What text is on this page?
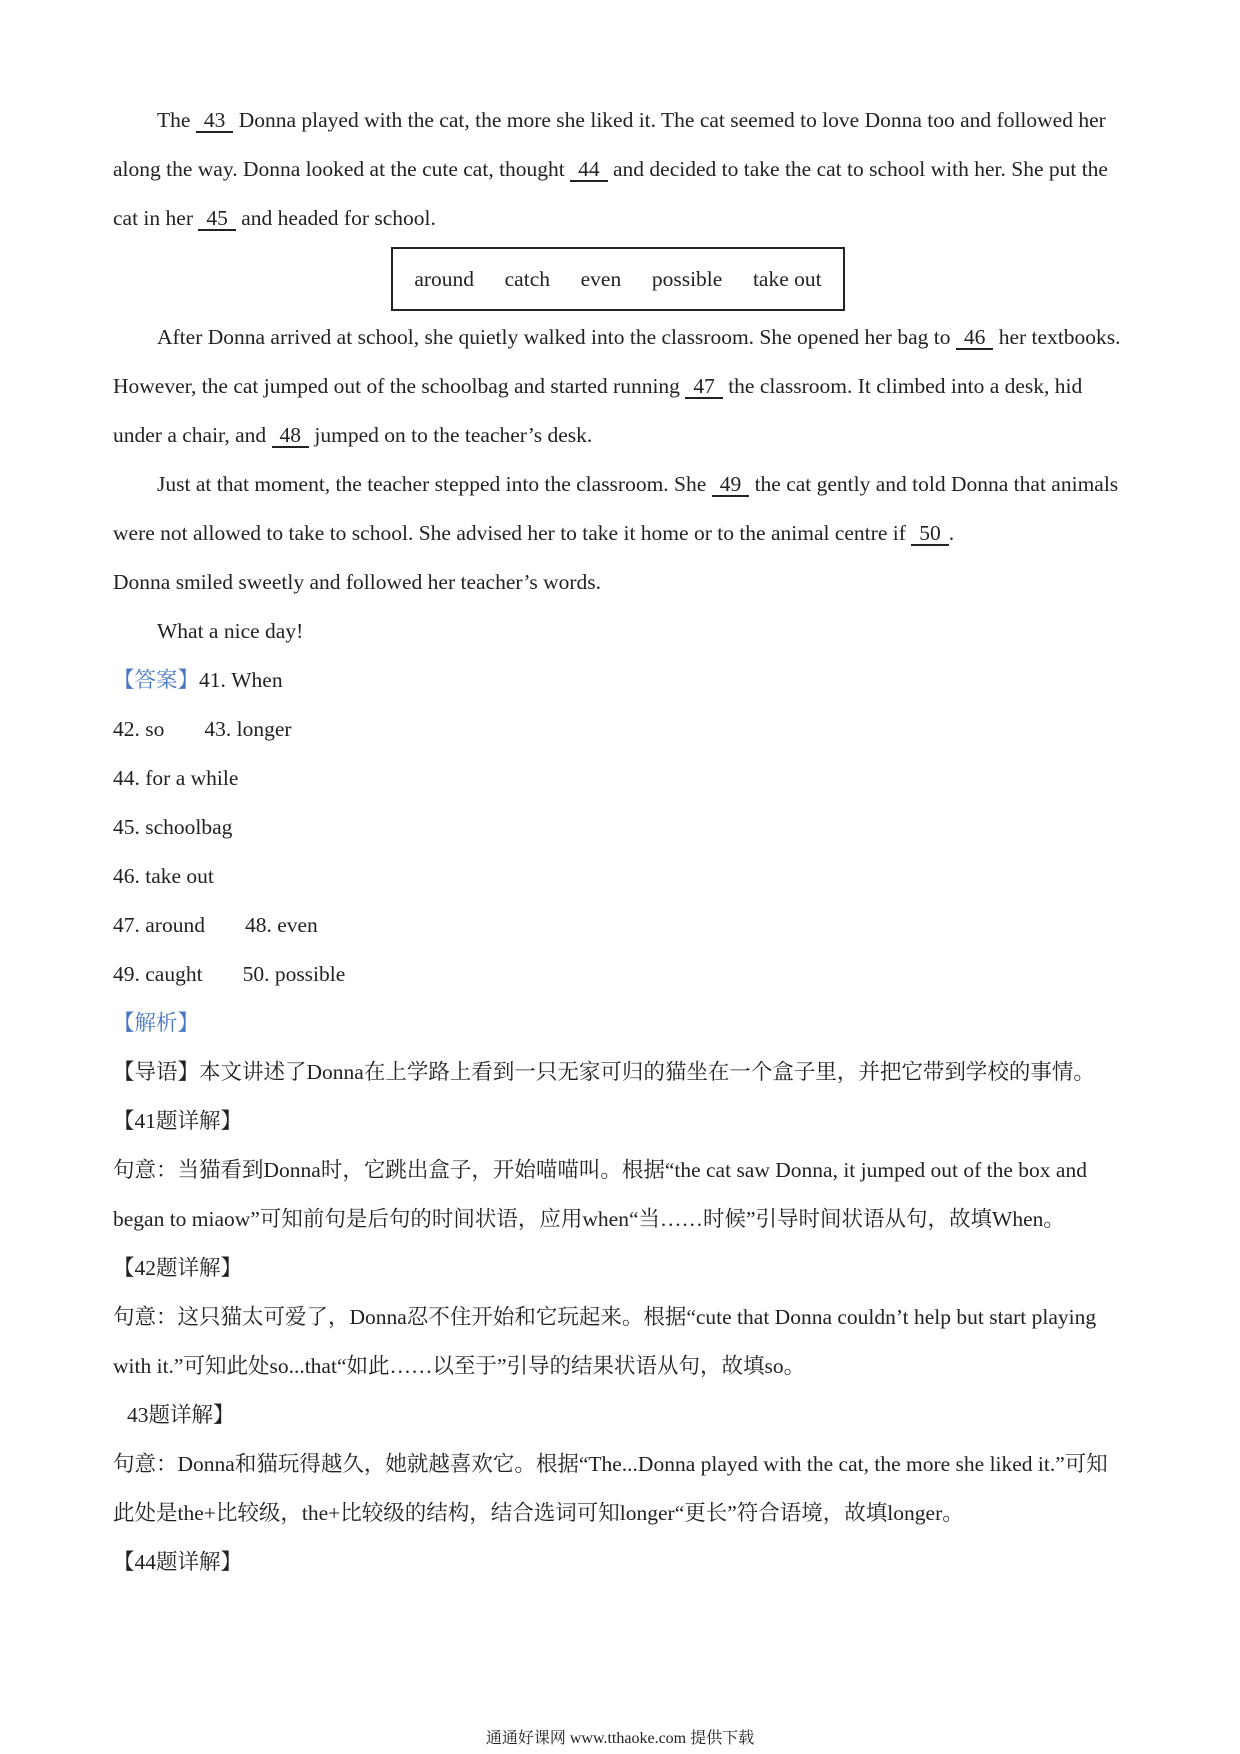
The 43 Donna played with the cat, the more she liked it. The cat seemed to love Donna too and followed her along the way. Donna looked at the cute cat, thought 44 and decided to take the cat to school with her. She put the cat in her 45 and headed for school.

around catch even possible take out

After Donna arrived at school, she quietly walked into the classroom. She opened her bag to 46 her textbooks. However, the cat jumped out of the schoolbag and started running 47 the classroom. It climbed into a desk, hid under a chair, and 48 jumped on to the teacher’s desk.

Just at that moment, the teacher stepped into the classroom. She 49 the cat gently and told Donna that animals were not allowed to take to school. She advised her to take it home or to the animal centre if 50 .

Donna smiled sweetly and followed her teacher’s words.

What a nice day!

【答案】41. When

42. so 43. longer

44. for a while

45. schoolbag

46. take out

47. around 48. even

49. caught 50. possible

【解析】

【导语】本文讲述了Donna在上学路上看到一只无家可归的猫坐在一个盒子里，并把它带到学校的事情。

【41题详解】

句意：当猫看到Donna时，它跳出盒子，开始喵喵叫。根据“the cat saw Donna, it jumped out of the box and began to miaow”可知前句是后句的时间状语，应用when“当……时候”引导时间状语从句，故填When。

【42题详解】

句意：这只猫太可爱了，Donna忍不住开始和它玩起来。根据“cute that Donna couldn’t help but start playing with it.”可知此处so...that“如此……以至于”引导的结果状语从句，故填so。

43题详解】

句意：Donna和猫玩得越久，她就越喜欢它。根据“The...Donna played with the cat, the more she liked it.”可知此处是the+比较级，the+比较级的结构，结合选词可知longer“更长”符合语境，故填longer。

【44题详解】

通通好课网 www.tthaoke.com 提供下载
